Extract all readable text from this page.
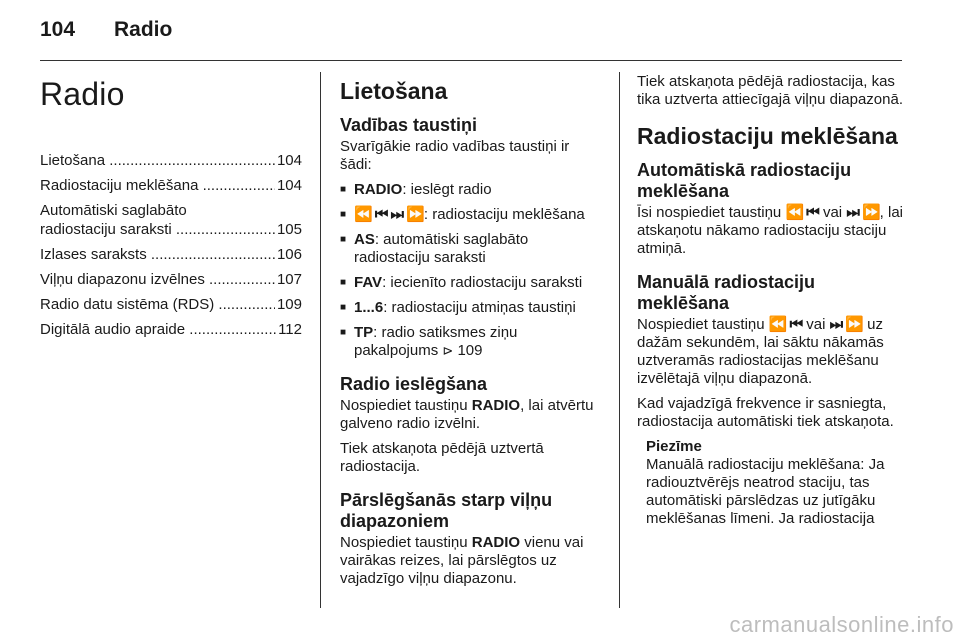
104 Radio
Radio
Lietošana .....	104
Radiostaciju meklēšana .....	104
Automātiski saglabāto
radiostaciju saraksti .....	105
Izlases saraksts .....	106
Viļņu diapazonu izvēlnes .....	107
Radio datu sistēma (RDS) .....	109
Digitālā audio apraide .....	112
Lietošana
Vadības taustiņi

Svarīgākie radio vadības taustiņi ir šādi:

■ RADIO: ieslēgt radio
■ ⏪ ⏮ ⏭ ⏩: radiostaciju meklēšana
■ AS: automātiski saglabāto radiostaciju saraksti
■ FAV: iecienīto radiostaciju saraksti
■ 1...6: radiostaciju atmiņas taustiņi
■ TP: radio satiksmes ziņu pakalpojums ⊳ 109
Radio ieslēgšana

Nospiediet taustiņu RADIO, lai atvērtu galveno radio izvēlni.

Tiek atskaņota pēdējā uztvertā radiostacija.

Pārslēgšanās starp viļņu diapazoniem

Nospiediet taustiņu RADIO vienu vai vairākas reizes, lai pārslēgtos uz vajadzīgo viļņu diapazonu.

Tiek atskaņota pēdējā radiostacija, kas tika uztverta attiecīgajā viļņu diapazonā.

Radiostaciju meklēšana
Automātiskā radiostaciju meklēšana

Īsi nospiediet taustiņu ⏪ ⏮ vai ⏭ ⏩, lai atskaņotu nākamo radiostaciju staciju atmiņā.

Manuālā radiostaciju meklēšana

Nospiediet taustiņu ⏪ ⏮ vai ⏭ ⏩ uz dažām sekundēm, lai sāktu nākamās uztveramās radiostacijas meklēšanu izvēlētajā viļņu diapazonā.

Kad vajadzīgā frekvence ir sasniegta, radiostacija automātiski tiek atskaņota.

Piezīme

Manuālā radiostaciju meklēšana: Ja radiouztvērējs neatrod staciju, tas automātiski pārslēdzas uz jutīgāku meklēšanas līmeni. Ja radiostacija

carmanualsonline.info
